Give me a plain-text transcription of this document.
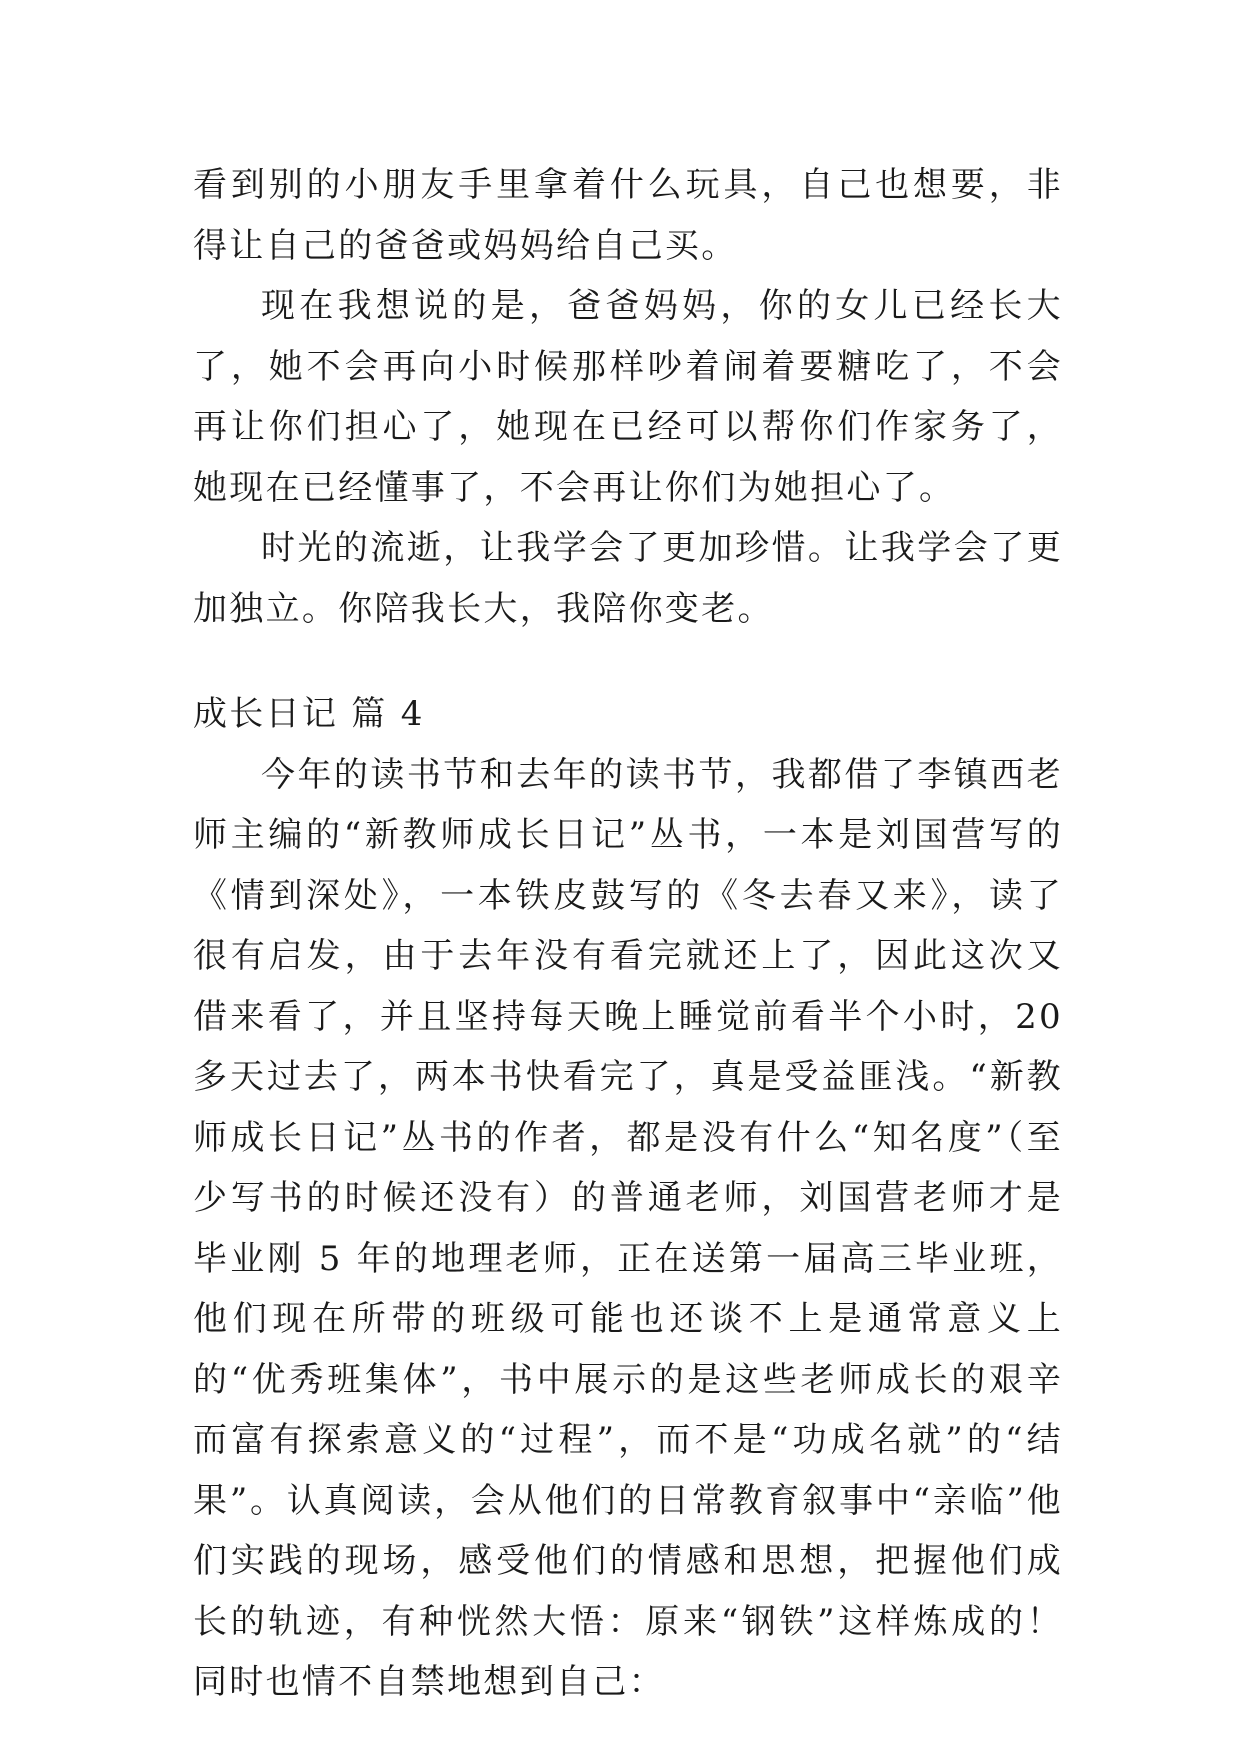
看到别的小朋友手里拿着什么玩具，自己也想要，非得让自己的爸爸或妈妈给自己买。

现在我想说的是，爸爸妈妈，你的女儿已经长大了，她不会再向小时候那样吵着闹着要糖吃了，不会再让你们担心了，她现在已经可以帮你们作家务了，她现在已经懂事了，不会再让你们为她担心了。

时光的流逝，让我学会了更加珍惜。让我学会了更加独立。你陪我长大，我陪你变老。

成长日记 篇 4

今年的读书节和去年的读书节，我都借了李镇西老师主编的“新教师成长日记”丛书，一本是刘国营写的《情到深处》，一本铁皮鼓写的《冬去春又来》，读了很有启发，由于去年没有看完就还上了，因此这次又借来看了，并且坚持每天晚上睡觉前看半个小时，20 多天过去了，两本书快看完了，真是受益匪浅。“新教师成长日记”丛书的作者，都是没有什么“知名度”（至少写书的时候还没有）的普通老师，刘国营老师才是毕业刚 5 年的地理老师，正在送第一届高三毕业班，他们现在所带的班级可能也还谈不上是通常意义上的“优秀班集体”，书中展示的是这些老师成长的艰辛而富有探索意义的“过程”，而不是“功成名就”的“结果”。认真阅读，会从他们的日常教育叙事中“亲临”他们实践的现场，感受他们的情感和思想，把握他们成长的轨迹，有种恍然大悟：原来“钢铁”这样炼成的！同时也情不自禁地想到自己：
